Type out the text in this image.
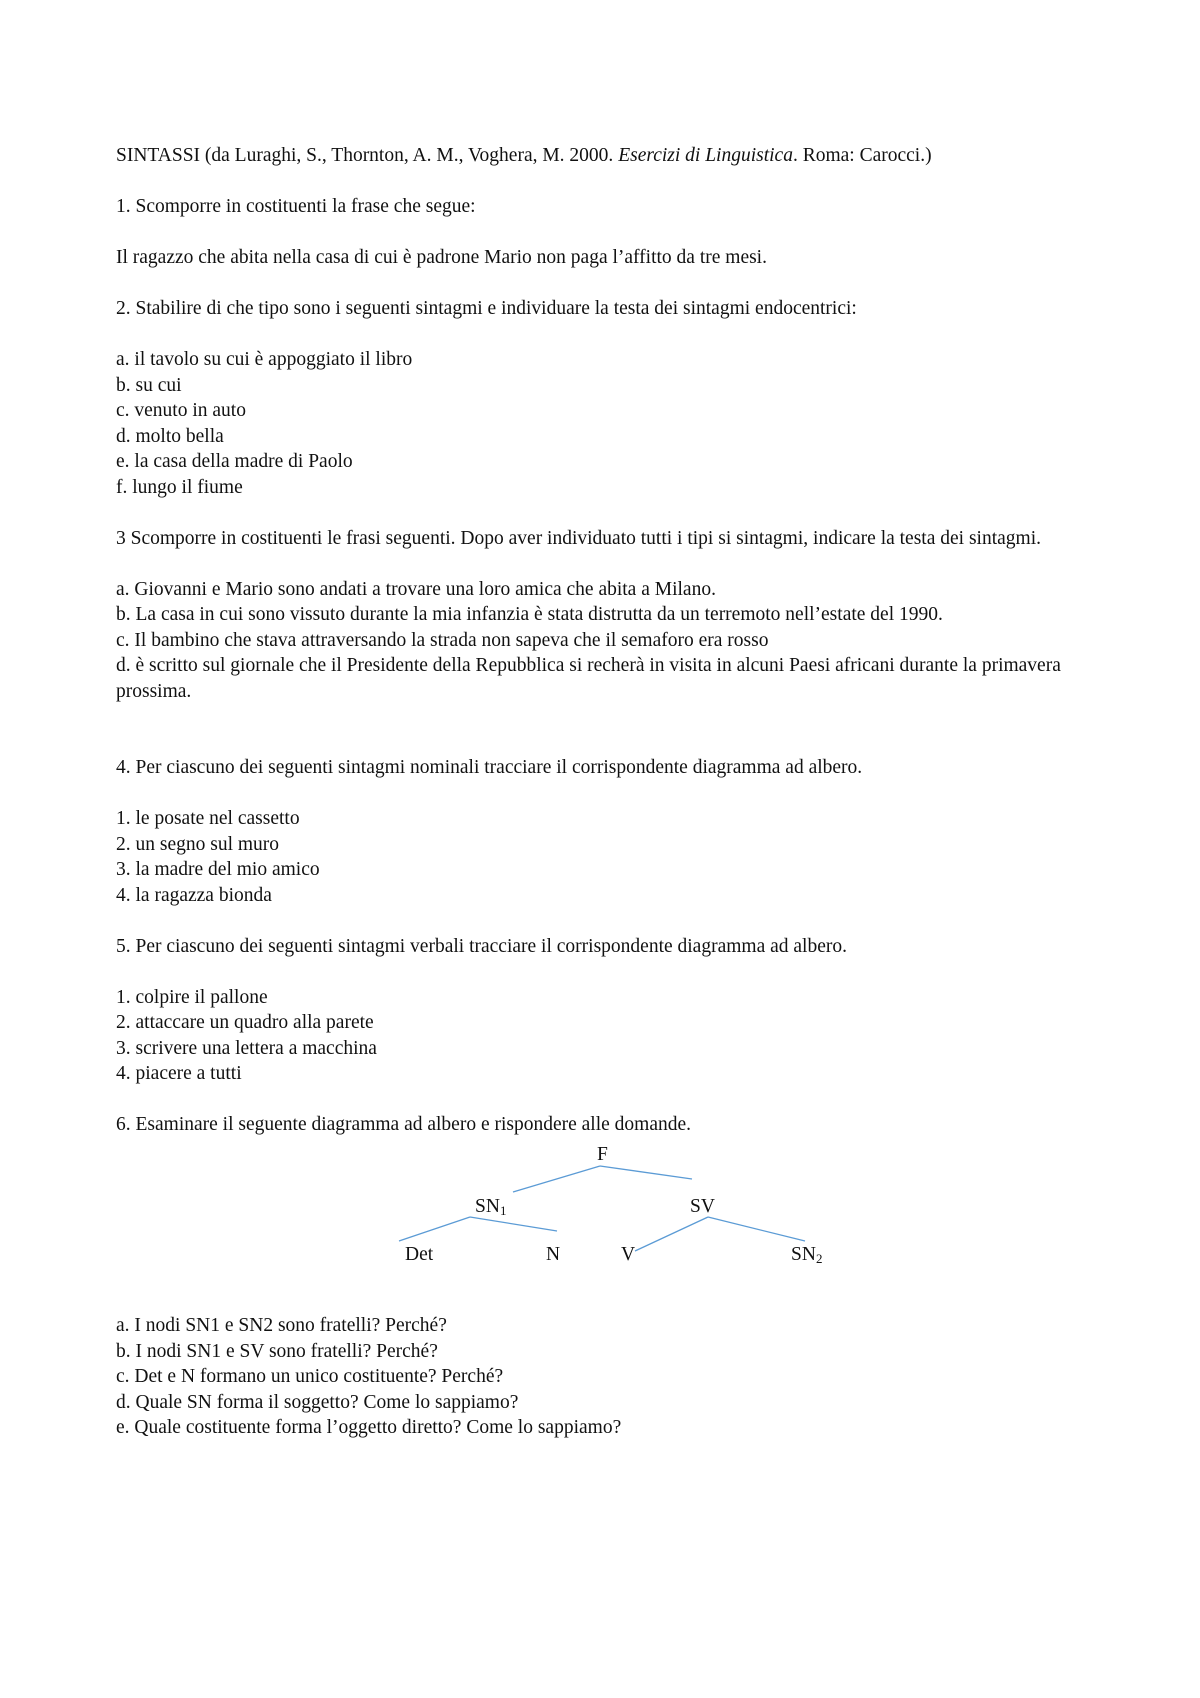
SINTASSI (da Luraghi, S., Thornton, A. M., Voghera, M. 2000. Esercizi di Linguistica. Roma: Carocci.)
1. Scomporre in costituenti la frase che segue:
Il ragazzo che abita nella casa di cui è padrone Mario non paga l’affitto da tre mesi.
2. Stabilire di che tipo sono i seguenti sintagmi e individuare la testa dei sintagmi endocentrici:
a. il tavolo su cui è appoggiato il libro
b. su cui
c. venuto in auto
d. molto bella
e. la casa della madre di Paolo
f. lungo il fiume
3 Scomporre in costituenti le frasi seguenti. Dopo aver individuato tutti i tipi si sintagmi, indicare la testa dei sintagmi.
a. Giovanni e Mario sono andati a trovare una loro amica che abita a Milano.
b. La casa in cui sono vissuto durante la mia infanzia è stata distrutta da un terremoto nell’estate del 1990.
c. Il bambino che stava attraversando la strada non sapeva che il semaforo era rosso
d. è scritto sul giornale che il Presidente della Repubblica si recherà in visita in alcuni Paesi africani durante la primavera prossima.
4. Per ciascuno dei seguenti sintagmi nominali tracciare il corrispondente diagramma ad albero.
1. le posate nel cassetto
2. un segno sul muro
3. la madre del mio amico
4. la ragazza bionda
5. Per ciascuno dei seguenti sintagmi verbali tracciare il corrispondente diagramma ad albero.
1. colpire il pallone
2. attaccare un quadro alla parete
3. scrivere una lettera a macchina
4. piacere a tutti
6. Esaminare il seguente diagramma ad albero e rispondere alle domande.
F
$SN_1$	SV
Det	N	V	$SN_2$
a. I nodi SN1 e SN2 sono fratelli? Perché?
b. I nodi SN1 e SV sono fratelli? Perché?
c. Det e N formano un unico costituente? Perché?
d. Quale SN forma il soggetto? Come lo sappiamo?
e. Quale costituente forma l’oggetto diretto? Come lo sappiamo?
